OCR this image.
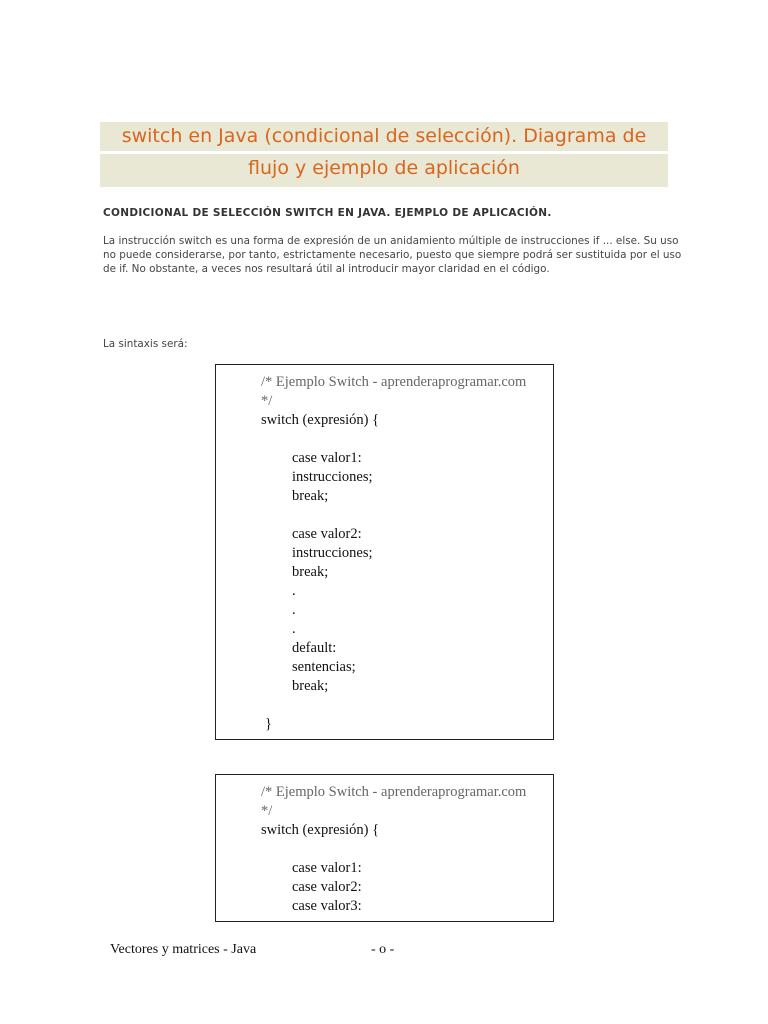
switch en Java (condicional de selección). Diagrama de
flujo y ejemplo de aplicación
CONDICIONAL DE SELECCIÓN SWITCH EN JAVA. EJEMPLO DE APLICACIÓN.
La instrucción switch es una forma de expresión de un anidamiento múltiple de instrucciones if ... else. Su uso
no puede considerarse, por tanto, estrictamente necesario, puesto que siempre podrá ser sustituida por el uso
de if. No obstante, a veces nos resultará útil al introducir mayor claridad en el código.
La sintaxis será:
/* Ejemplo Switch - aprenderaprogramar.com
*/
switch (expresión) {
case valor1:
instrucciones;
break;
case valor2:
instrucciones;
break;
.
.
.
default:
sentencias;
break;
}
/* Ejemplo Switch - aprenderaprogramar.com
*/
switch (expresión) {
case valor1:
case valor2:
case valor3:
Vectores y matrices - Java	- o -
